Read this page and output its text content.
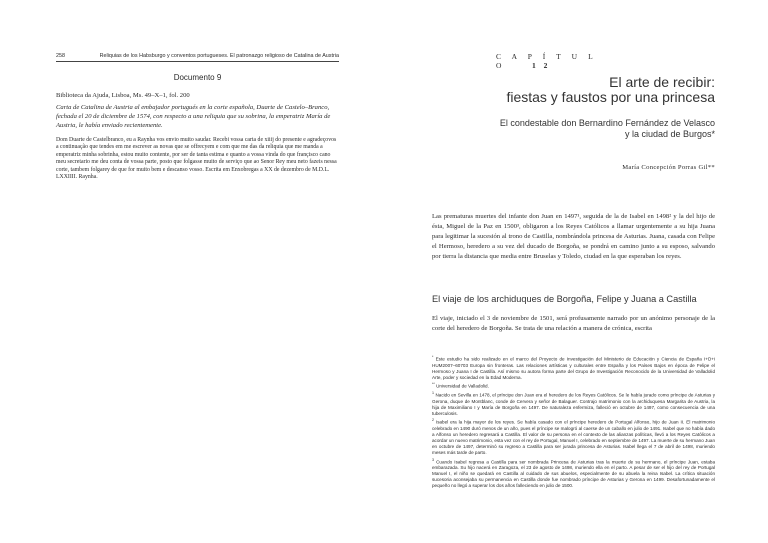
258	Reliquias de los Habsburgo y conventos portugueses. El patronazgo religioso de Catalina de Austria
Documento 9
Biblioteca da Ajuda, Lisboa, Ms. 49–X–1, fol. 200
Carta de Catalina de Austria al embajador portugués en la corte española, Duarte de Castelo–Branco, fechada el 20 de diciembre de 1574, con respecto a una reliquia que su sobrina, la emperatriz María de Austria, le había enviado recientemente.
Dom Duarte de Castelbranco, eu a Raynha vos envio muito saudar. Recebi vossa carta de xiiij do presente e agradeçovos a continuação que tendes em me escrever as novas que se offrecyem e com que me das da reliquia que me manda a emperatriz minha sobrinha, estou muito contente, por ser de tanta estima e quanto a vossa vinda do que françisco cano meu secretario me deu conta de vossa parte, posto que folgasse muito de serviço que ao Senor Rey meu neto fazeis nessa corte, tambem folgarey de que for muito bem e descanso vosso. Escrita em Enxobregas a XX de dezembro de M.D.L. LXXIIII. Raynha.
C A P Í T U L O	1 2
El arte de recibir:
fiestas y faustos por una princesa
El condestable don Bernardino Fernández de Velasco
y la ciudad de Burgos*
María Concepción Porras Gil**
Las prematuras muertes del infante don Juan en 1497¹, seguida de la de Isabel en 1498² y la del hijo de ésta, Miguel de la Paz en 1500³, obligaron a los Reyes Católicos a llamar urgentemente a su hija Juana para legitimar la sucesión al trono de Castilla, nombrándola princesa de Asturias. Juana, casada con Felipe el Hermoso, heredero a su vez del ducado de Borgoña, se pondrá en camino junto a su esposo, salvando por tierra la distancia que media entre Bruselas y Toledo, ciudad en la que esperaban los reyes.
El viaje de los archiduques de Borgoña, Felipe y Juana a Castilla
El viaje, iniciado el 3 de noviembre de 1501, será profusamente narrado por un anónimo personaje de la corte del heredero de Borgoña. Se trata de una relación a manera de crónica, escrita

* Este estudio ha sido realizado en el marco del Proyecto de Investigación del Ministerio de Educación y Ciencia de España I+D+i HUM2007–60703 Europa sin fronteras. Las relaciones artísticas y culturales entre España y los Países Bajos en época de Felipe el Hermoso y Juana I de Castilla. Así mismo su autora forma parte del Grupo de Investigación Reconocido de la Universidad de Valladolid Arte, poder y sociedad en la Edad Moderna.

** Universidad de Valladolid.

$^1$ Nacido en Sevilla en 1478, el príncipe don Juan era el heredero de los Reyes Católicos. Se le había jurado como príncipe de Asturias y Gerona, duque de Montblanc, conde de Cervera y señor de Balaguer. Contrajo matrimonio con la archiduquesa Margarita de Austria, la hija de Maximiliano I y María de Borgoña en 1497. De naturaleza enfermiza, falleció en octubre de 1497, como consecuencia de una tuberculosis.

$^2$ Isabel era la hija mayor de los reyes. Se había casado con el príncipe heredero de Portugal Alfonso, hijo de Juan II. El matrimonio celebrado en 1490 duró menos de un año, pues el príncipe se malogró al caerse de un caballo en julio de 1491. Isabel que no había dado a Alfonso un heredero regresará a Castilla. El valor de su persona en el contexto de las alianzas políticas, llevó a los Reyes Católicos a acordar un nuevo matrimonio, esta vez con el rey de Portugal, Manuel I, celebrado en septiembre de 1497. La muerte de su hermano Juan en octubre de 1497, determinó su regreso a Castilla para ser jurada princesa de Asturias. Isabel llega el 7 de abril de 1498, muriendo meses más tarde de parto.

$^3$ Cuando Isabel regresa a Castilla para ser nombrada Princesa de Asturias tras la muerte de su hermano, el príncipe Juan, estaba embarazada. Su hijo nacerá en Zaragoza, el 23 de agosto de 1498, muriendo ella en el parto. A pesar de ser el hijo del rey de Portugal Manuel I, el niño se quedará en Castilla al cuidado de sus abuelos, especialmente de su abuela la reina Isabel. La crítica situación sucesoria aconsejaba su permanencia en Castilla donde fue nombrado príncipe de Asturias y Gerona en 1499. Desafortunadamente el pequeño no llegó a superar los dos años falleciendo en julio de 1500.
